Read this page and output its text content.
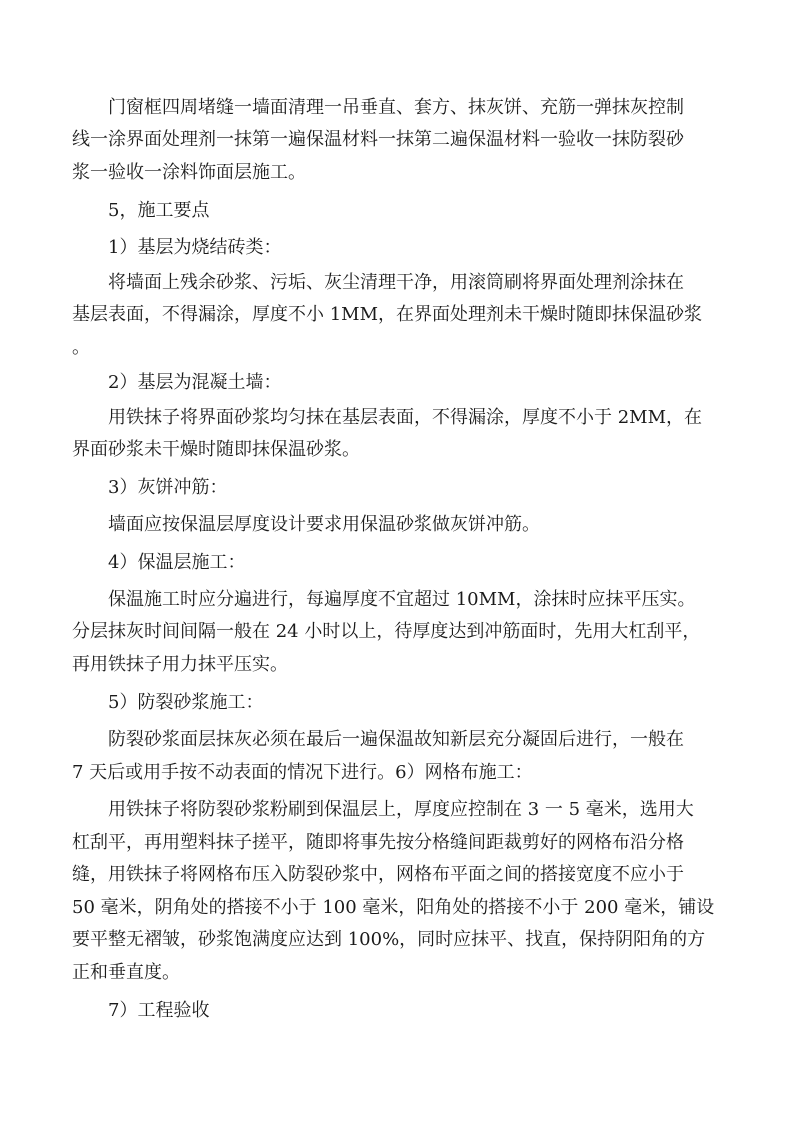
门窗框四周堵缝一墙面清理一吊垂直、套方、抹灰饼、充筋一弹抹灰控制
线一涂界面处理剂一抹第一遍保温材料一抹第二遍保温材料一验收一抹防裂砂
浆一验收一涂料饰面层施工。
5，施工要点
1）基层为烧结砖类：
将墙面上残余砂浆、污垢、灰尘清理干净，用滚筒刷将界面处理剂涂抹在
基层表面，不得漏涂，厚度不小 1MM，在界面处理剂未干燥时随即抹保温砂浆
。
2）基层为混凝土墙：
用铁抹子将界面砂浆均匀抹在基层表面，不得漏涂，厚度不小于 2MM，在
界面砂浆未干燥时随即抹保温砂浆。
3）灰饼冲筋：
墙面应按保温层厚度设计要求用保温砂浆做灰饼冲筋。
4）保温层施工：
保温施工时应分遍进行，每遍厚度不宜超过 10MM，涂抹时应抹平压实。
分层抹灰时间间隔一般在 24 小时以上，待厚度达到冲筋面时，先用大杠刮平，
再用铁抹子用力抹平压实。
5）防裂砂浆施工：
防裂砂浆面层抹灰必须在最后一遍保温故知新层充分凝固后进行，一般在
7 天后或用手按不动表面的情况下进行。6）网格布施工：
用铁抹子将防裂砂浆粉刷到保温层上，厚度应控制在 3 一 5 毫米，选用大
杠刮平，再用塑料抹子搓平，随即将事先按分格缝间距裁剪好的网格布沿分格
缝，用铁抹子将网格布压入防裂砂浆中，网格布平面之间的搭接宽度不应小于
50 毫米，阴角处的搭接不小于 100 毫米，阳角处的搭接不小于 200 毫米，铺设
要平整无褶皱，砂浆饱满度应达到 100%，同时应抹平、找直，保持阴阳角的方
正和垂直度。
7）工程验收
